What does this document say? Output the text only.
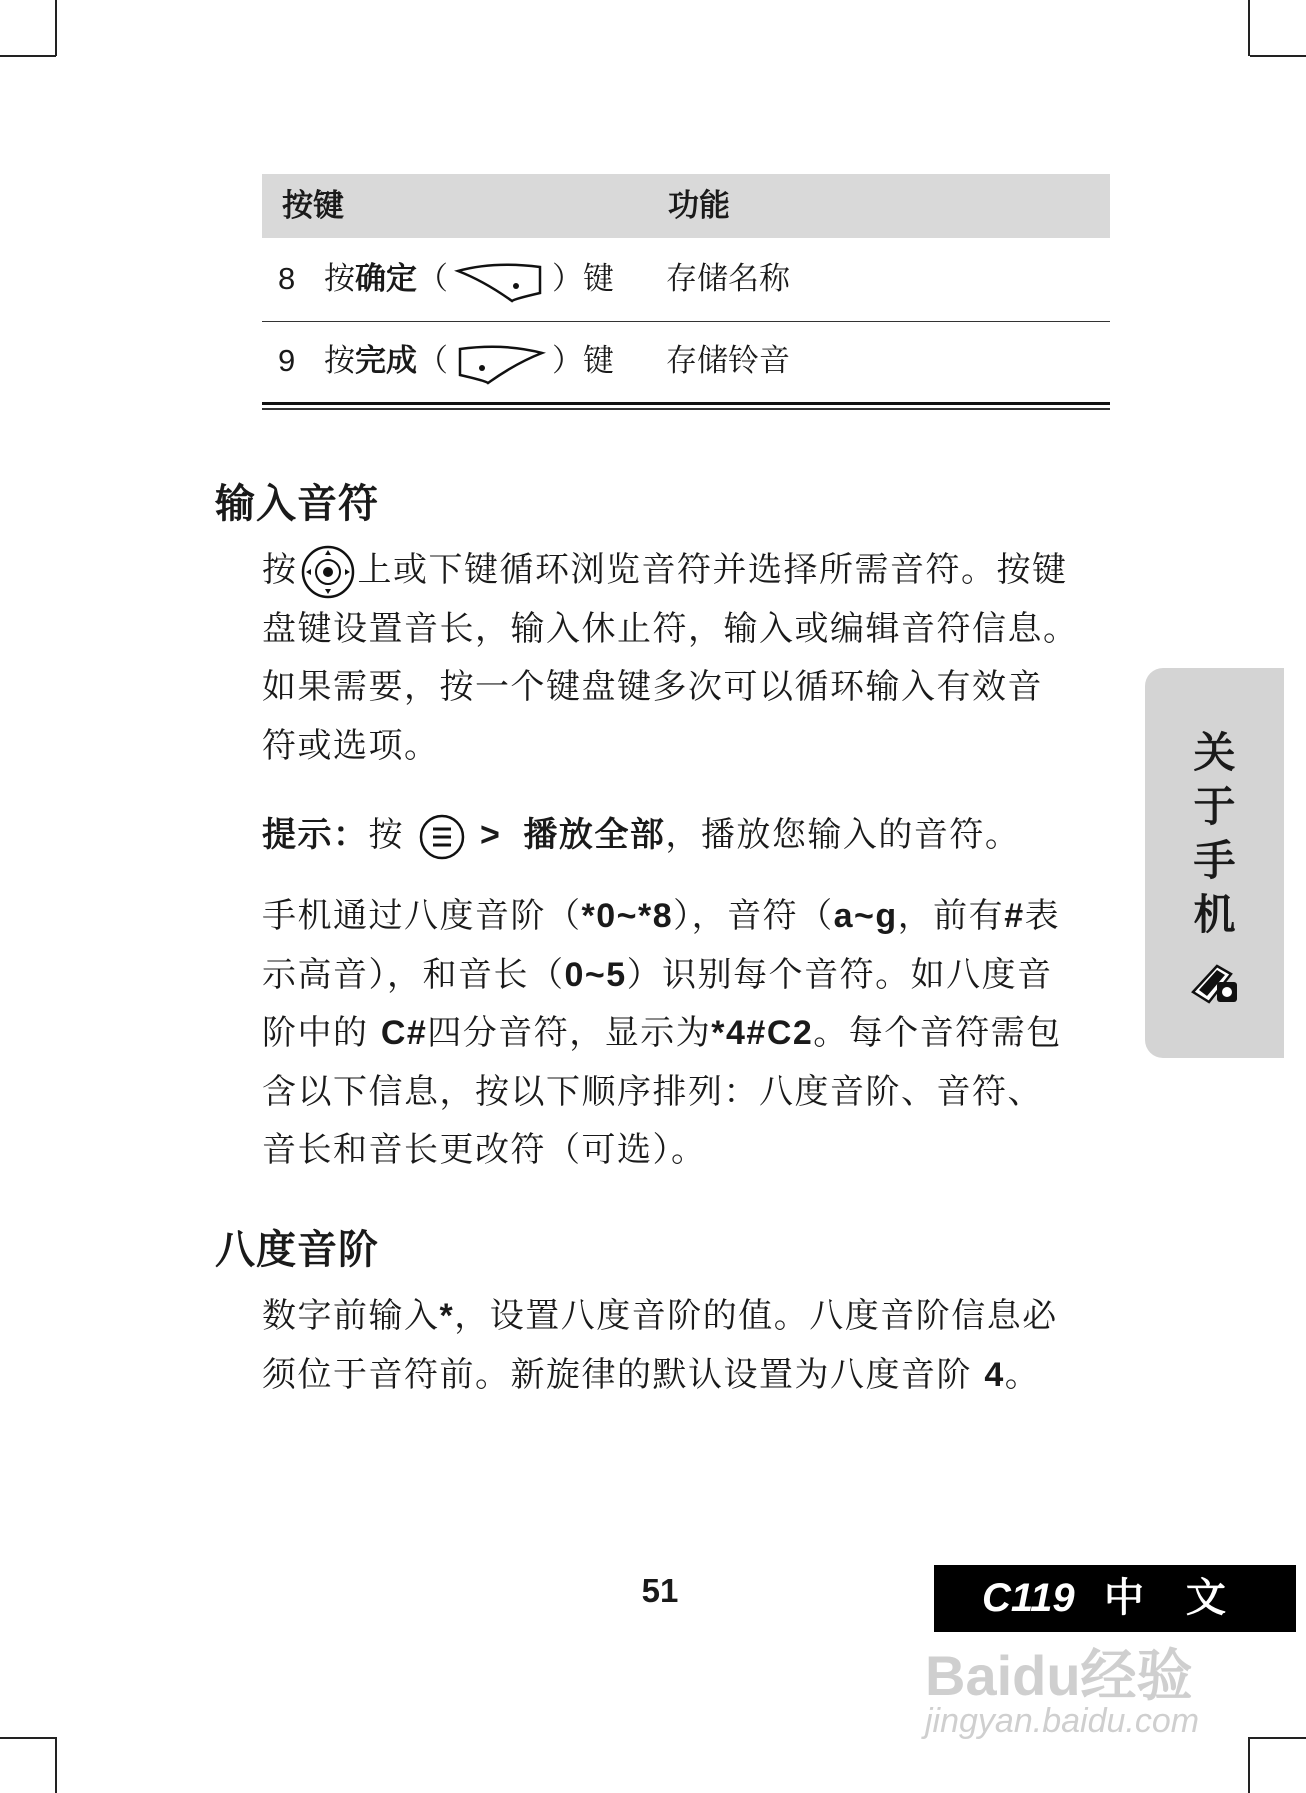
按键	功能
8 按确定（	）键 存储名称
9 按完成（	）键 存储铃音
输入音符
按 上或下键循环浏览音符并选择所需音符。按键
盘键设置音长，输入休止符，输入或编辑音符信息。
如果需要，按一个键盘键多次可以循环输入有效音
符或选项。
提示：按 > 播放全部，播放您输入的音符。
手机通过八度音阶（*0~*8），音符（a~g，前有#表
示高音），和音长（0~5）识别每个音符。如八度音
阶中的 C#四分音符，显示为*4#C2。每个音符需包
含以下信息，按以下顺序排列：八度音阶、音符、
音长和音长更改符（可选）。
八度音阶
数字前输入*，设置八度音阶的值。八度音阶信息必
须位于音符前。新旋律的默认设置为八度音阶 4。
关
于
手
机
51	C119 中 文
Baidu经验
jingyan.baidu.com
